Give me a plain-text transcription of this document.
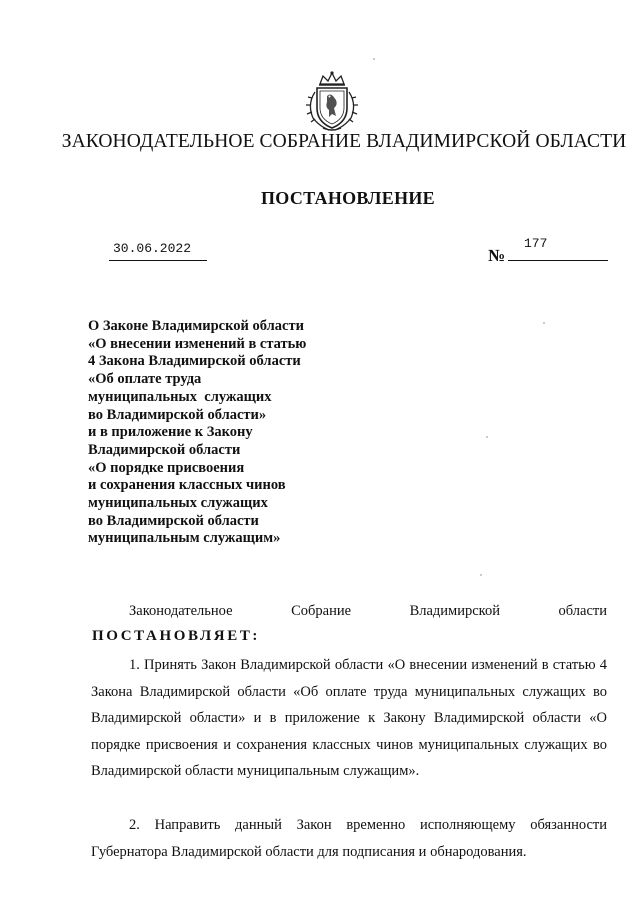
ЗАКОНОДАТЕЛЬНОЕ СОБРАНИЕ ВЛАДИМИРСКОЙ ОБЛАСТИ
ПОСТАНОВЛЕНИЕ
30.06.2022	№
177
О Законе Владимирской области
«О внесении изменений в статью
4 Закона Владимирской области
«Об оплате труда
муниципальных  служащих
во Владимирской области»
и в приложение к Закону
Владимирской области
«О порядке присвоения
и сохранения классных чинов
муниципальных служащих
во Владимирской области
муниципальным служащим»
Законодательное	Собрание	Владимирской	области
ПОСТАНОВЛЯЕТ:

1. Принять Закон Владимирской области «О внесении изменений в статью 4 Закона Владимирской области «Об оплате труда муниципальных служащих во Владимирской области» и в приложение к Закону Владимирской области «О порядке присвоения и сохранения классных чинов муниципальных служащих во Владимирской области муниципальным служащим».

2. Направить данный Закон временно исполняющему обязанности Губернатора Владимирской области для подписания и обнародования.
